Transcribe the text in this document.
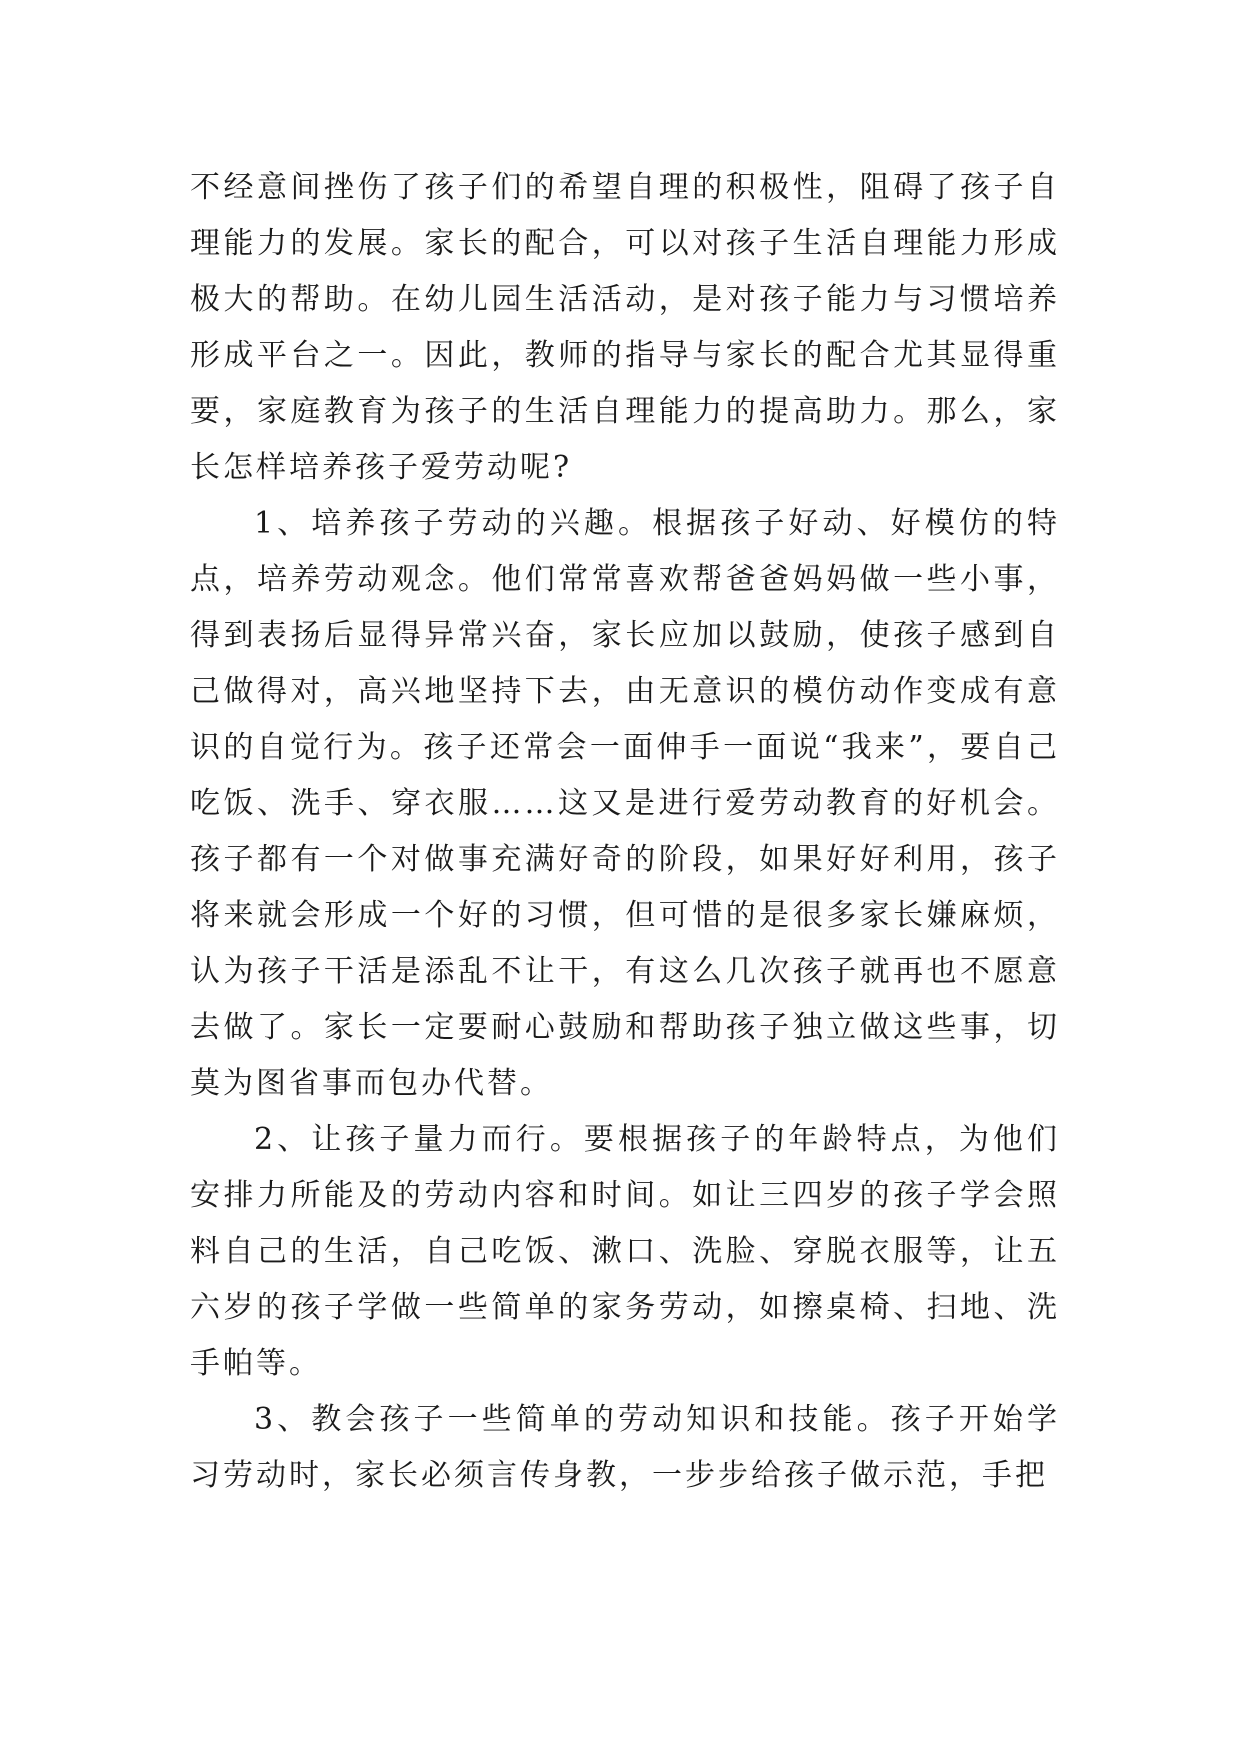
不经意间挫伤了孩子们的希望自理的积极性，阻碍了孩子自理能力的发展。家长的配合，可以对孩子生活自理能力形成极大的帮助。在幼儿园生活活动，是对孩子能力与习惯培养形成平台之一。因此，教师的指导与家长的配合尤其显得重要，家庭教育为孩子的生活自理能力的提高助力。那么，家长怎样培养孩子爱劳动呢?

1、培养孩子劳动的兴趣。根据孩子好动、好模仿的特点，培养劳动观念。他们常常喜欢帮爸爸妈妈做一些小事，得到表扬后显得异常兴奋，家长应加以鼓励，使孩子感到自己做得对，高兴地坚持下去，由无意识的模仿动作变成有意识的自觉行为。孩子还常会一面伸手一面说“我来”，要自己吃饭、洗手、穿衣服……这又是进行爱劳动教育的好机会。孩子都有一个对做事充满好奇的阶段，如果好好利用，孩子将来就会形成一个好的习惯，但可惜的是很多家长嫌麻烦，认为孩子干活是添乱不让干，有这么几次孩子就再也不愿意去做了。家长一定要耐心鼓励和帮助孩子独立做这些事，切莫为图省事而包办代替。

2、让孩子量力而行。要根据孩子的年龄特点，为他们安排力所能及的劳动内容和时间。如让三四岁的孩子学会照料自己的生活，自己吃饭、漱口、洗脸、穿脱衣服等，让五六岁的孩子学做一些简单的家务劳动，如擦桌椅、扫地、洗手帕等。

3、教会孩子一些简单的劳动知识和技能。孩子开始学习劳动时，家长必须言传身教，一步步给孩子做示范，手把
